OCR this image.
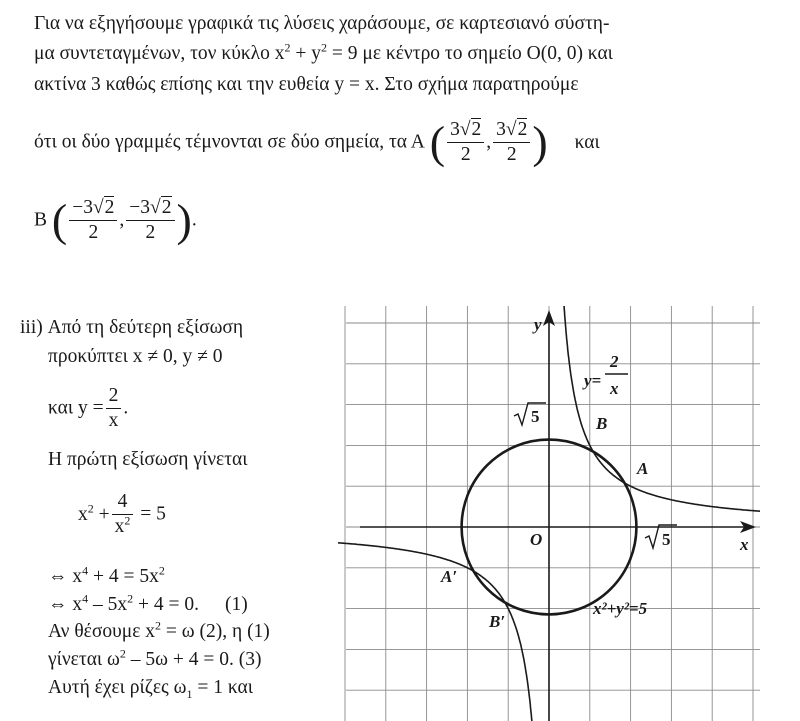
Για να εξηγήσουμε γραφικά τις λύσεις χαράσουμε, σε καρτεσιανό σύστη-
μα συντεταγμένων, τον κύκλο $x^2 + y^2 = 9$ με κέντρο το σημείο Ο(0, 0) και
ακτίνα 3 καθώς επίσης και την ευθεία y = x. Στο σχήμα παρατηρούμε
ότι οι δύο γραμμές τέμνονται σε δύο σημεία, τα Α ( $\frac{3√2}{2}$ , $\frac{3√2}{2}$ ) και
Β ( $\frac{-3√2}{2}$ , $\frac{-3√2}{2}$ ).
iii) Από τη δεύτερη εξίσωση
προκύπτει x ≠ 0, y ≠ 0
και $y = \frac{2}{x}$ .
Η πρώτη εξίσωση γίνεται
$x^2 + \frac{4}{x^2} = 5$
⇔ $x^4 + 4 = 5x^2$
⇔ $x^4 - 5x^2 + 4 = 0$. (1)
Αν θέσουμε $x^2 = \omega$ (2), η (1)
γίνεται $\omega^2 - 5\omega + 4 = 0$. (3)
Αυτή έχει ρίζες $\omega_1 = 1$ και
y
x
O
B
A
A′
B′
5
5
y=
2
x
x²+y²=5
